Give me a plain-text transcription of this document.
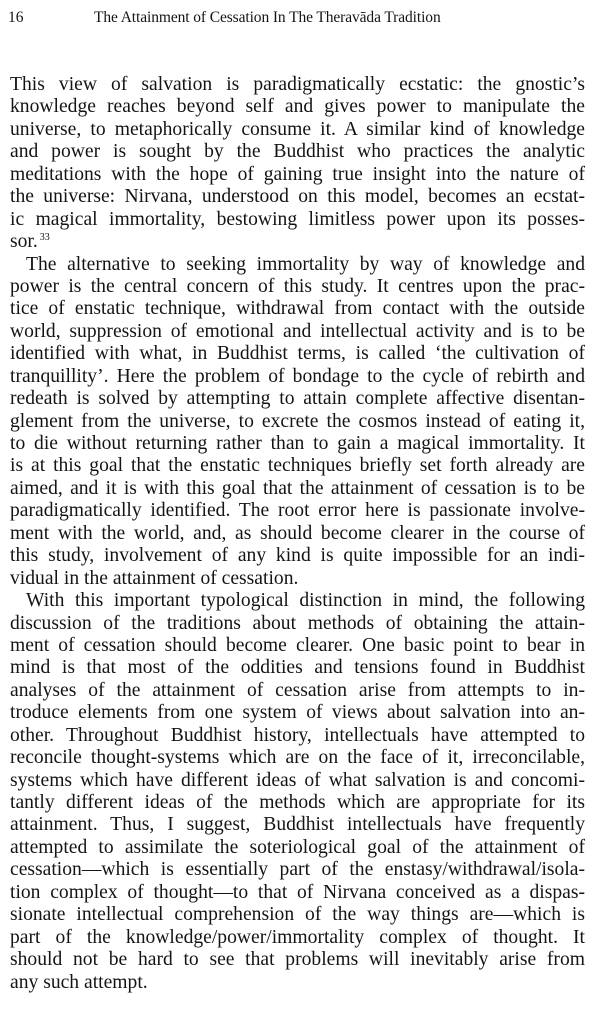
16	The Attainment of Cessation In The Theravāda Tradition
This view of salvation is paradigmatically ecstatic: the gnostic’s
knowledge reaches beyond self and gives power to manipulate the
universe, to metaphorically consume it. A similar kind of knowledge
and power is sought by the Buddhist who practices the analytic
meditations with the hope of gaining true insight into the nature of
the universe: Nirvana, understood on this model, becomes an ecstat-
ic magical immortality, bestowing limitless power upon its posses-
sor. $^{33}$
The alternative to seeking immortality by way of knowledge and
power is the central concern of this study. It centres upon the prac-
tice of enstatic technique, withdrawal from contact with the outside
world, suppression of emotional and intellectual activity and is to be
identified with what, in Buddhist terms, is called ‘the cultivation of
tranquillity’. Here the problem of bondage to the cycle of rebirth and
redeath is solved by attempting to attain complete affective disentan-
glement from the universe, to excrete the cosmos instead of eating it,
to die without returning rather than to gain a magical immortality. It
is at this goal that the enstatic techniques briefly set forth already are
aimed, and it is with this goal that the attainment of cessation is to be
paradigmatically identified. The root error here is passionate involve-
ment with the world, and, as should become clearer in the course of
this study, involvement of any kind is quite impossible for an indi-
vidual in the attainment of cessation.
With this important typological distinction in mind, the following
discussion of the traditions about methods of obtaining the attain-
ment of cessation should become clearer. One basic point to bear in
mind is that most of the oddities and tensions found in Buddhist
analyses of the attainment of cessation arise from attempts to in-
troduce elements from one system of views about salvation into an-
other. Throughout Buddhist history, intellectuals have attempted to
reconcile thought-systems which are on the face of it, irreconcilable,
systems which have different ideas of what salvation is and concomi-
tantly different ideas of the methods which are appropriate for its
attainment. Thus, I suggest, Buddhist intellectuals have frequently
attempted to assimilate the soteriological goal of the attainment of
cessation—which is essentially part of the enstasy/withdrawal/isola-
tion complex of thought—to that of Nirvana conceived as a dispas-
sionate intellectual comprehension of the way things are—which is
part of the knowledge/power/immortality complex of thought. It
should not be hard to see that problems will inevitably arise from
any such attempt.
